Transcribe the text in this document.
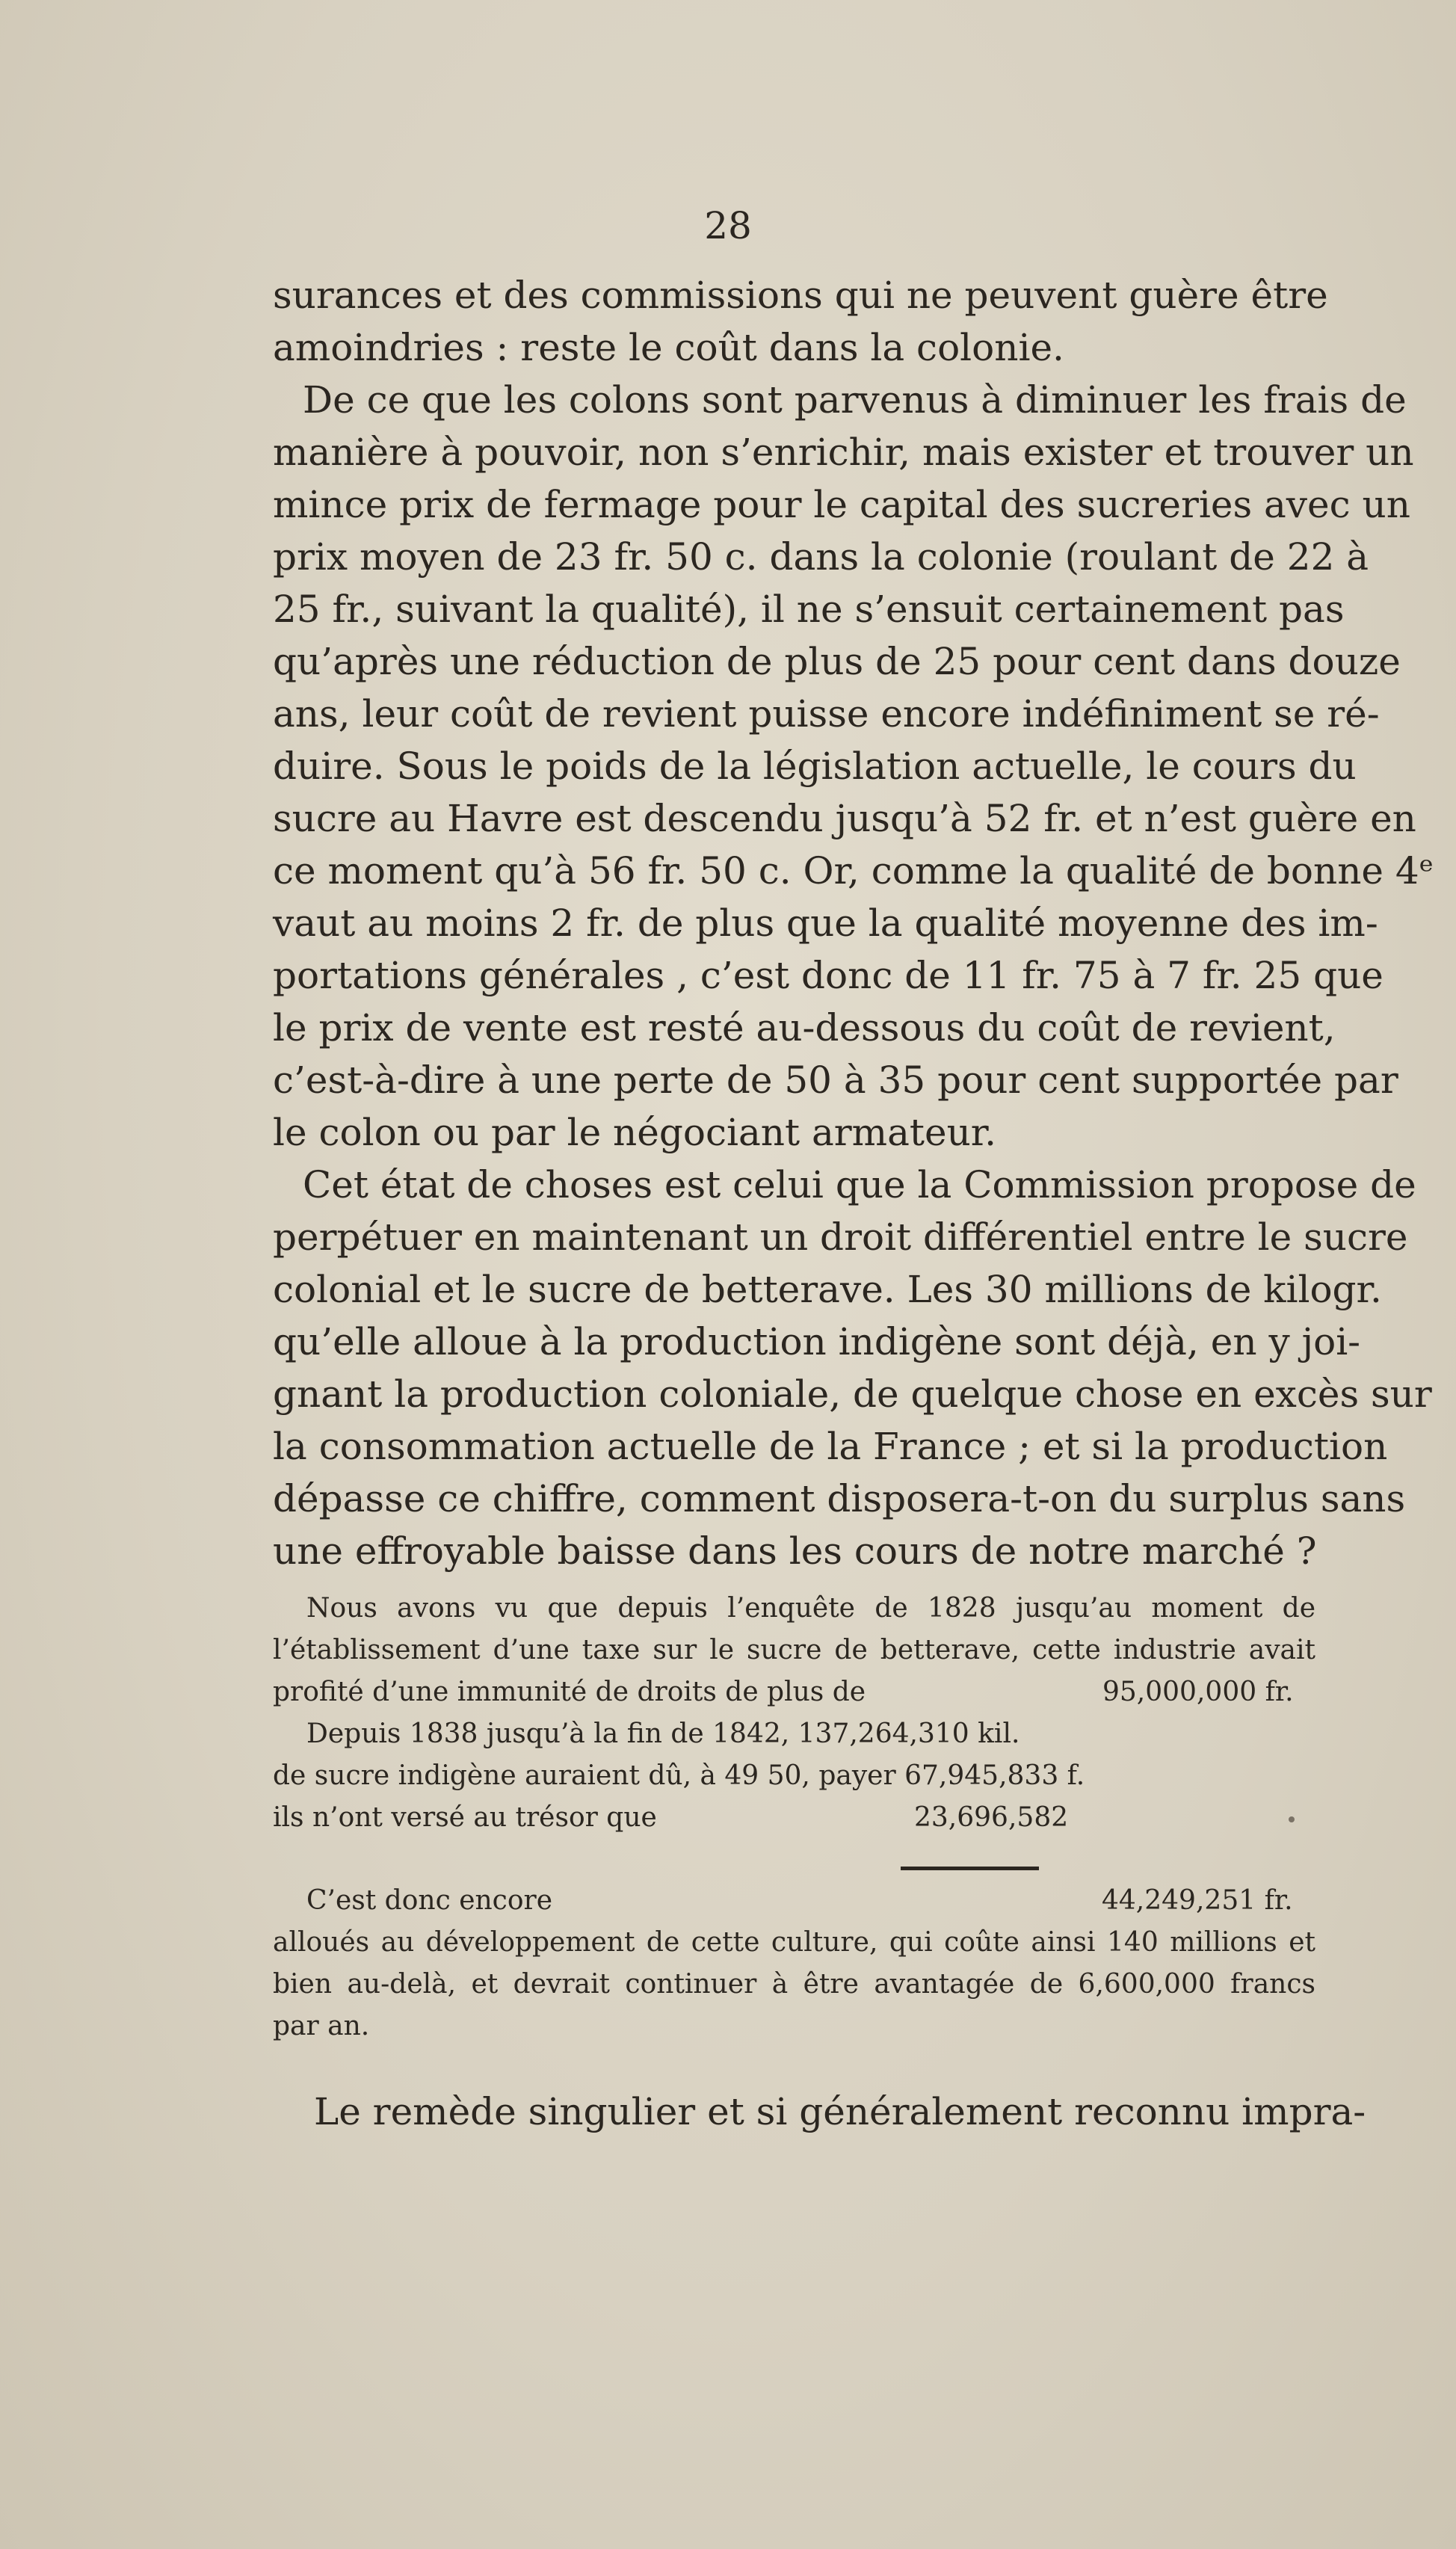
28
surances et des commissions qui ne peuvent guère être
amoindries : reste le coût dans la colonie.
De ce que les colons sont parvenus à diminuer les frais de
manière à pouvoir, non s’enrichir, mais exister et trouver un
mince prix de fermage pour le capital des sucreries avec un
prix moyen de 23 fr. 50 c. dans la colonie (roulant de 22 à
25 fr., suivant la qualité), il ne s’ensuit certainement pas
qu’après une réduction de plus de 25 pour cent dans douze
ans, leur coût de revient puisse encore indéfiniment se ré-
duire. Sous le poids de la législation actuelle, le cours du
sucre au Havre est descendu jusqu’à 52 fr. et n’est guère en
ce moment qu’à 56 fr. 50 c. Or, comme la qualité de bonne 4ᵉ
vaut au moins 2 fr. de plus que la qualité moyenne des im-
portations générales , c’est donc de 11 fr. 75 à 7 fr. 25 que
le prix de vente est resté au-dessous du coût de revient,
c’est-à-dire à une perte de 50 à 35 pour cent supportée par
le colon ou par le négociant armateur.
Cet état de choses est celui que la Commission propose de
perpétuer en maintenant un droit différentiel entre le sucre
colonial et le sucre de betterave. Les 30 millions de kilogr.
qu’elle alloue à la production indigène sont déjà, en y joi-
gnant la production coloniale, de quelque chose en excès sur
la consommation actuelle de la France ; et si la production
dépasse ce chiffre, comment disposera-t-on du surplus sans
une effroyable baisse dans les cours de notre marché ?
Nous avons vu que depuis l’enquête de 1828 jusqu’au moment de
l’établissement d’une taxe sur le sucre de betterave, cette industrie avait
profité d’une immunité de droits de plus de	95,000,000 fr.
Depuis 1838 jusqu’à la fin de 1842, 137,264,310 kil.
de sucre indigène auraient dû, à 49 50, payer 67,945,833 f.
ils n’ont versé au trésor que	23,696,582
C’est donc encore	44,249,251 fr.
alloués au développement de cette culture, qui coûte ainsi 140 millions et
bien au-delà, et devrait continuer à être avantagée de 6,600,000 francs
par an.
Le remède singulier et si généralement reconnu impra-
